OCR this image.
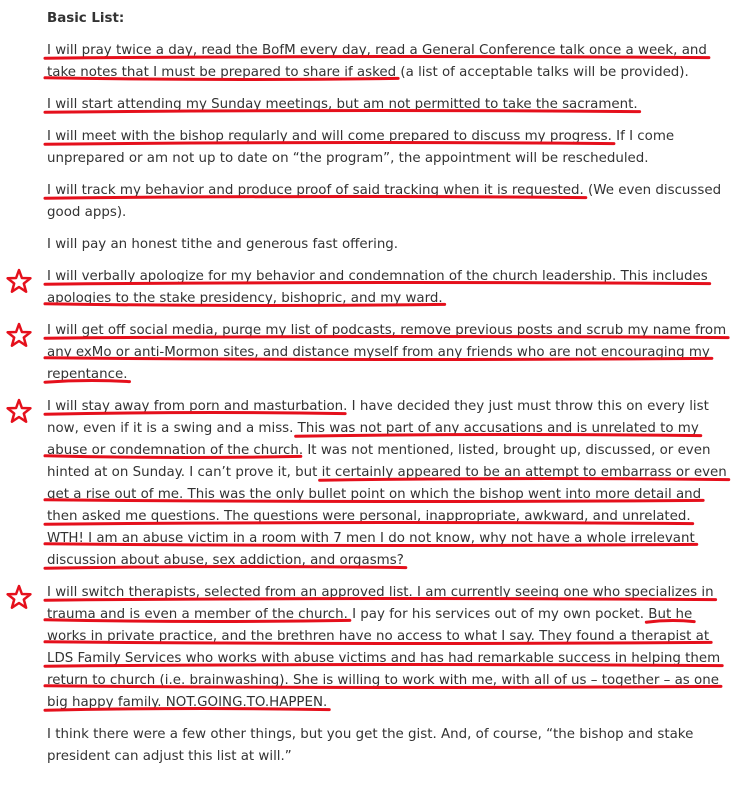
Basic List:

I will pray twice a day, read the BofM every day, read a General Conference talk once a week, and take notes that I must be prepared to share if asked (a list of acceptable talks will be provided).

I will start attending my Sunday meetings, but am not permitted to take the sacrament.

I will meet with the bishop regularly and will come prepared to discuss my progress. If I come unprepared or am not up to date on “the program”, the appointment will be rescheduled.

I will track my behavior and produce proof of said tracking when it is requested. (We even discussed good apps).

I will pay an honest tithe and generous fast offering.

I will verbally apologize for my behavior and condemnation of the church leadership. This includes apologies to the stake presidency, bishopric, and my ward.

I will get off social media, purge my list of podcasts, remove previous posts and scrub my name from any exMo or anti-Mormon sites, and distance myself from any friends who are not encouraging my repentance.

I will stay away from porn and masturbation. I have decided they just must throw this on every list now, even if it is a swing and a miss. This was not part of any accusations and is unrelated to my abuse or condemnation of the church. It was not mentioned, listed, brought up, discussed, or even hinted at on Sunday. I can’t prove it, but it certainly appeared to be an attempt to embarrass or even get a rise out of me. This was the only bullet point on which the bishop went into more detail and then asked me questions. The questions were personal, inappropriate, awkward, and unrelated. WTH! I am an abuse victim in a room with 7 men I do not know, why not have a whole irrelevant discussion about abuse, sex addiction, and orgasms?

I will switch therapists, selected from an approved list. I am currently seeing one who specializes in trauma and is even a member of the church. I pay for his services out of my own pocket. But he works in private practice, and the brethren have no access to what I say. They found a therapist at LDS Family Services who works with abuse victims and has had remarkable success in helping them return to church (i.e. brainwashing). She is willing to work with me, with all of us – together – as one big happy family. NOT.GOING.TO.HAPPEN.

I think there were a few other things, but you get the gist. And, of course, “the bishop and stake president can adjust this list at will.”
